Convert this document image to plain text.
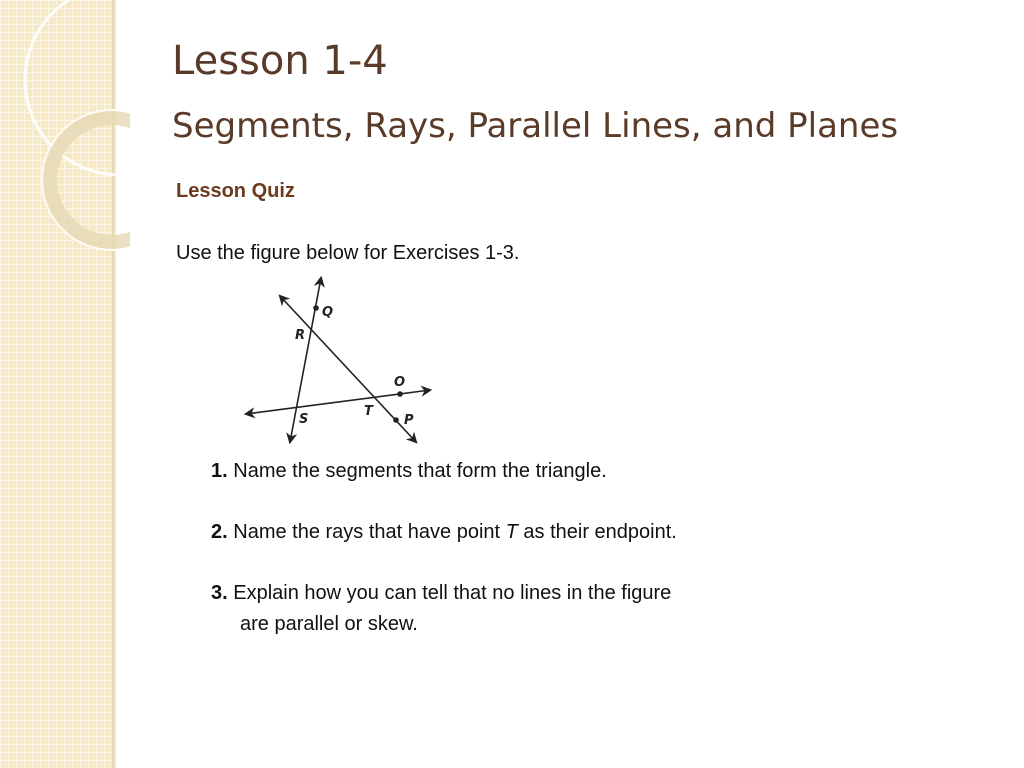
Lesson 1-4
Segments, Rays, Parallel Lines, and Planes
Lesson Quiz
Use the figure below for Exercises 1-3.
Q
R
O
S
T
P
1. Name the segments that form the triangle.
2. Name the rays that have point T as their endpoint.
3. Explain how you can tell that no lines in the figure
are parallel or skew.
